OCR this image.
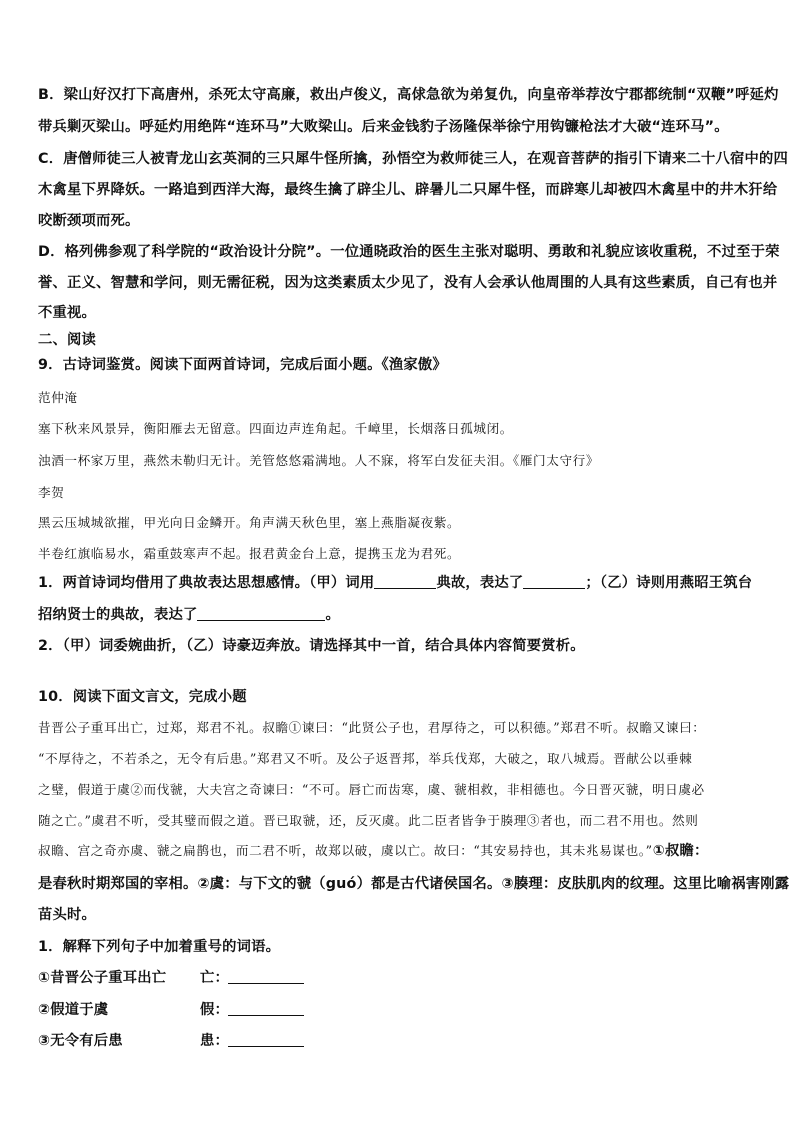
B．梁山好汉打下高唐州，杀死太守高廉，救出卢俊义，高俅急欲为弟复仇，向皇帝举荐汝宁郡都统制“双鞭”呼延灼
带兵剿灭梁山。呼延灼用绝阵“连环马”大败梁山。后来金钱豹子汤隆保举徐宁用钩镰枪法才大破“连环马”。
C．唐僧师徒三人被青龙山玄英洞的三只犀牛怪所擒，孙悟空为救师徒三人，在观音菩萨的指引下请来二十八宿中的四
木禽星下界降妖。一路追到西洋大海，最终生擒了辟尘儿、辟暑儿二只犀牛怪，而辟寒儿却被四木禽星中的井木犴给
咬断颈项而死。
D．格列佛参观了科学院的“政治设计分院”。一位通晓政治的医生主张对聪明、勇敢和礼貌应该收重税，不过至于荣
誉、正义、智慧和学问，则无需征税，因为这类素质太少见了，没有人会承认他周围的人具有这些素质，自己有也并
不重视。
二、阅读
9．古诗词鉴赏。阅读下面两首诗词，完成后面小题。《渔家傲》
范仲淹
塞下秋来风景异，衡阳雁去无留意。四面边声连角起。千嶂里，长烟落日孤城闭。
浊酒一杯家万里，燕然未勒归无计。羌管悠悠霜满地。人不寐，将军白发征夫泪。《雁门太守行》
李贺
黑云压城城欲摧，甲光向日金鳞开。角声满天秋色里，塞上燕脂凝夜紫。
半卷红旗临易水，霜重鼓寒声不起。报君黄金台上意，提携玉龙为君死。
1．两首诗词均借用了典故表达思想感情。（甲）词用	典故，表达了	；（乙）诗则用燕昭王筑台
招纳贤士的典故，表达了	。
2．（甲）词委婉曲折，（乙）诗豪迈奔放。请选择其中一首，结合具体内容简要赏析。
10．阅读下面文言文，完成小题
昔晋公子重耳出亡，过郑，郑君不礼。叔瞻①谏曰：“此贤公子也，君厚待之，可以积德。”郑君不听。叔瞻又谏曰：
“不厚待之，不若杀之，无令有后患。”郑君又不听。及公子返晋邦，举兵伐郑，大破之，取八城焉。晋献公以垂棘
之璧，假道于虞②而伐虢，大夫宫之奇谏曰：“不可。唇亡而齿寒，虞、虢相救，非相德也。今日晋灭虢，明日虞必
随之亡。”虞君不听，受其璧而假之道。晋已取虢，还，反灭虞。此二臣者皆争于腠理③者也，而二君不用也。然则
叔瞻、宫之奇亦虞、虢之扁鹊也，而二君不听，故郑以破，虞以亡。故曰：“其安易持也，其未兆易谋也。”①叔瞻：
是春秋时期郑国的宰相。②虞：与下文的虢（guó）都是古代诸侯国名。③腠理：皮肤肌肉的纹理。这里比喻祸害刚露
苗头时。
1．解释下列句子中加着重号的词语。
①昔晋公子重耳出亡 亡：
②假道于虞	假：
③无令有后患	患：
